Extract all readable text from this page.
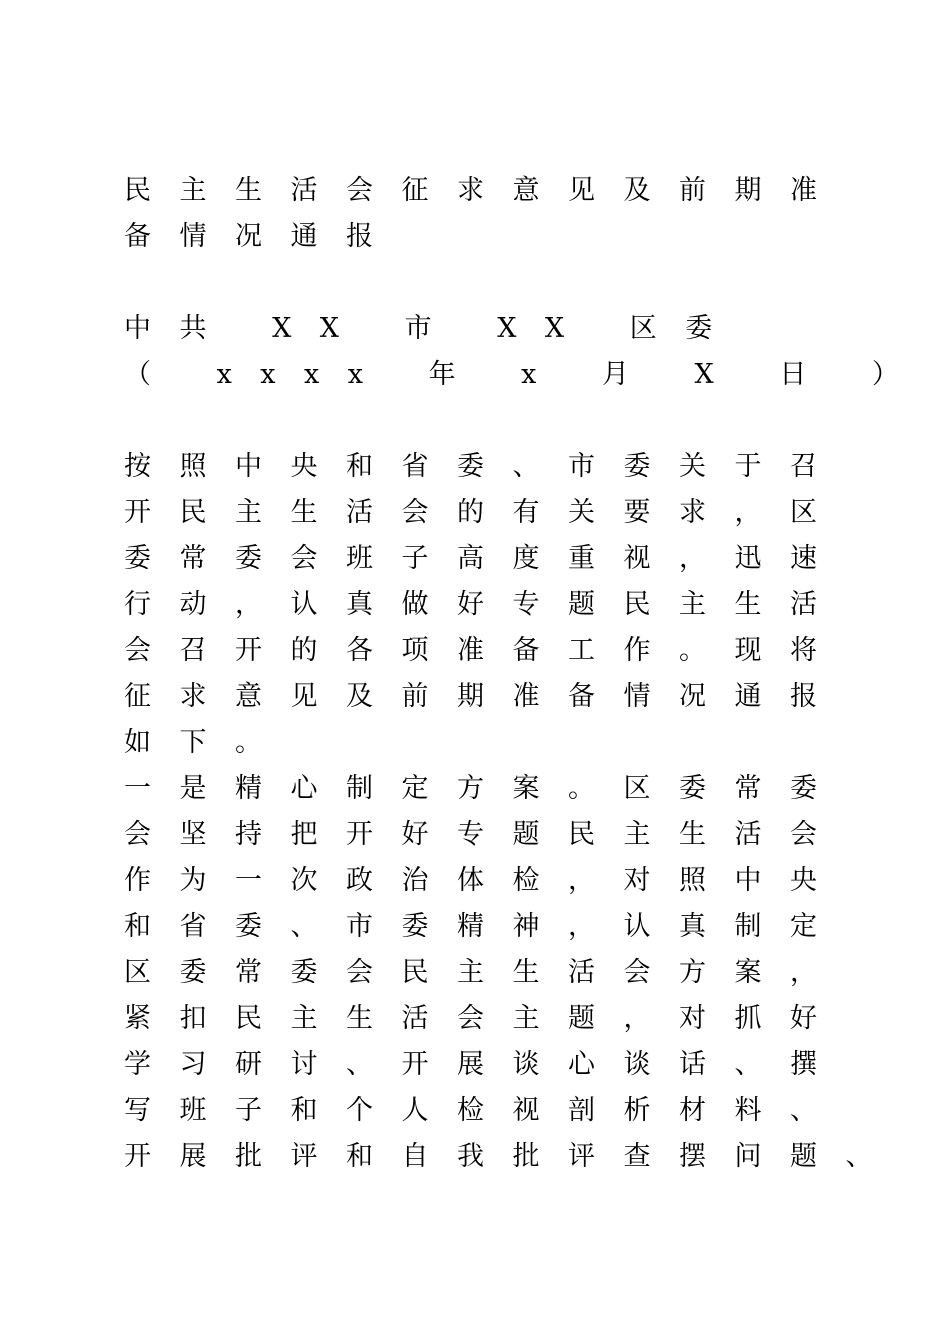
民主生活会征求意见及前期准
备情况通报
中共 XX 市 XX 区委
（ xxxx 年 x 月 X 日 ）
按照中央和省委、市委关于召
开民主生活会的有关要求，区
委常委会班子高度重视，迅速
行动，认真做好专题民主生活
会召开的各项准备工作。现将
征求意见及前期准备情况通报
如下。
一是精心制定方案。区委常委
会坚持把开好专题民主生活会
作为一次政治体检，对照中央
和省委、市委精神，认真制定
区委常委会民主生活会方案，
紧扣民主生活会主题，对抓好
学习研讨、开展谈心谈话、撰
写班子和个人检视剖析材料、
开展批评和自我批评查摆问题、
